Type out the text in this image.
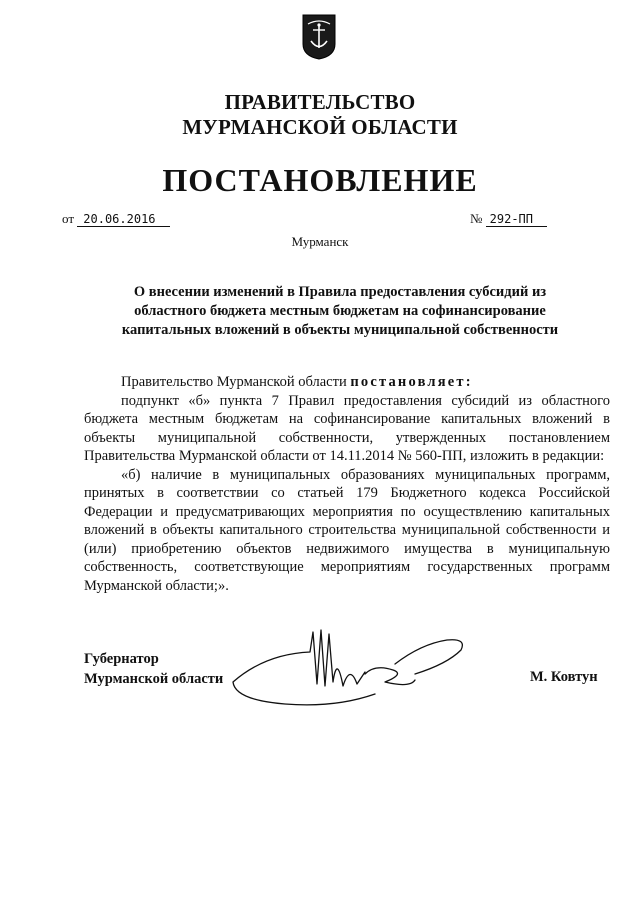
ПРАВИТЕЛЬСТВО
МУРМАНСКОЙ ОБЛАСТИ
ПОСТАНОВЛЕНИЕ
от 20.06.2016	№ 292-ПП
Мурманск
О внесении изменений в Правила предоставления субсидий из
областного бюджета местным бюджетам на софинансирование
капитальных вложений в объекты муниципальной собственности
Правительство Мурманской области постановляет:
подпункт «б» пункта 7 Правил предоставления субсидий из областного бюджета местным бюджетам на софинансирование капитальных вложений в объекты муниципальной собственности, утвержденных постановлением Правительства Мурманской области от 14.11.2014 № 560-ПП, изложить в редакции:
«б) наличие в муниципальных образованиях муниципальных программ, принятых в соответствии со статьей 179 Бюджетного кодекса Российской Федерации и предусматривающих мероприятия по осуществлению капитальных вложений в объекты капитального строительства муниципальной собственности и (или) приобретению объектов недвижимого имущества в муниципальную собственность, соответствующие мероприятиям государственных программ Мурманской области;».
Губернатор
Мурманской области	М. Ковтун
